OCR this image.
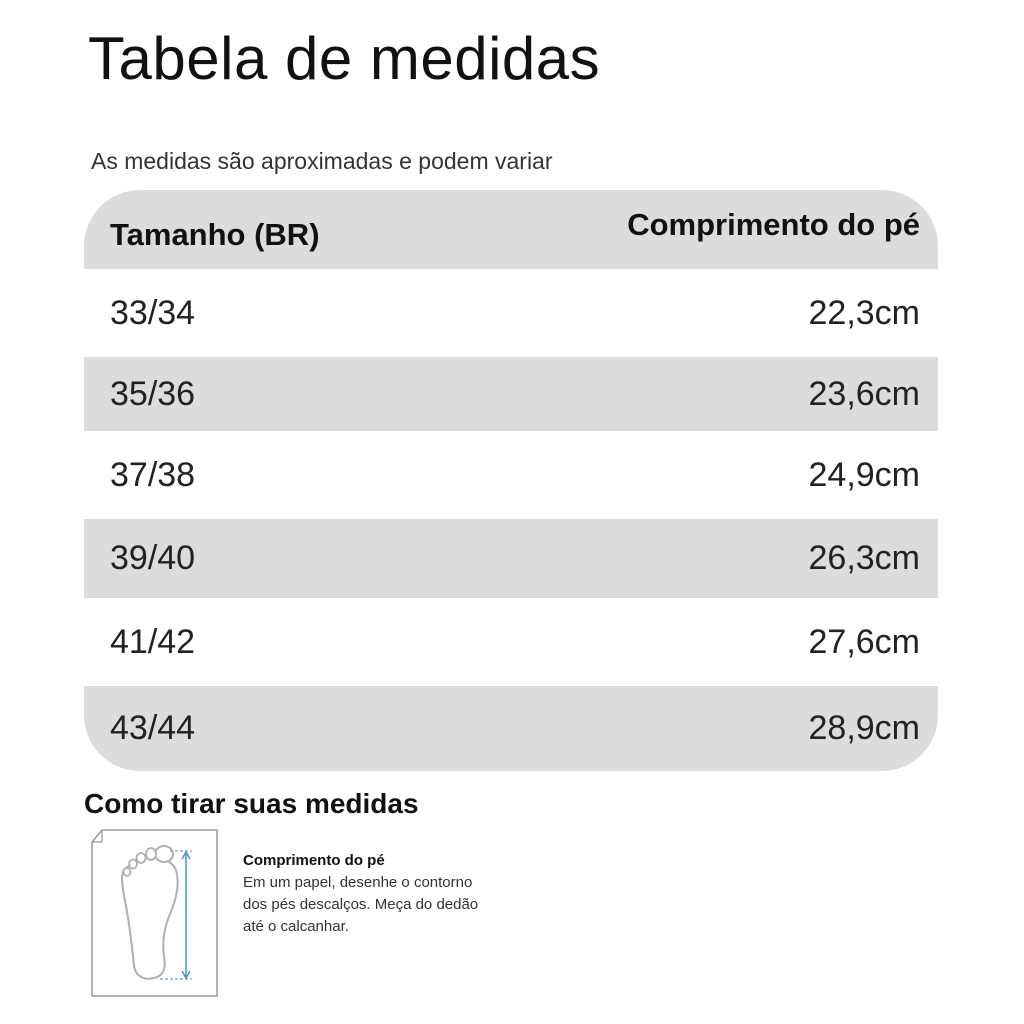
Tabela de medidas
As medidas são aproximadas e podem variar
Tamanho (BR)	Comprimento do pé
33/34	22,3cm
35/36	23,6cm
37/38	24,9cm
39/40	26,3cm
41/42	27,6cm
43/44	28,9cm
Como tirar suas medidas
Comprimento do pé
Em um papel, desenhe o contorno
dos pés descalços. Meça do dedão
até o calcanhar.
